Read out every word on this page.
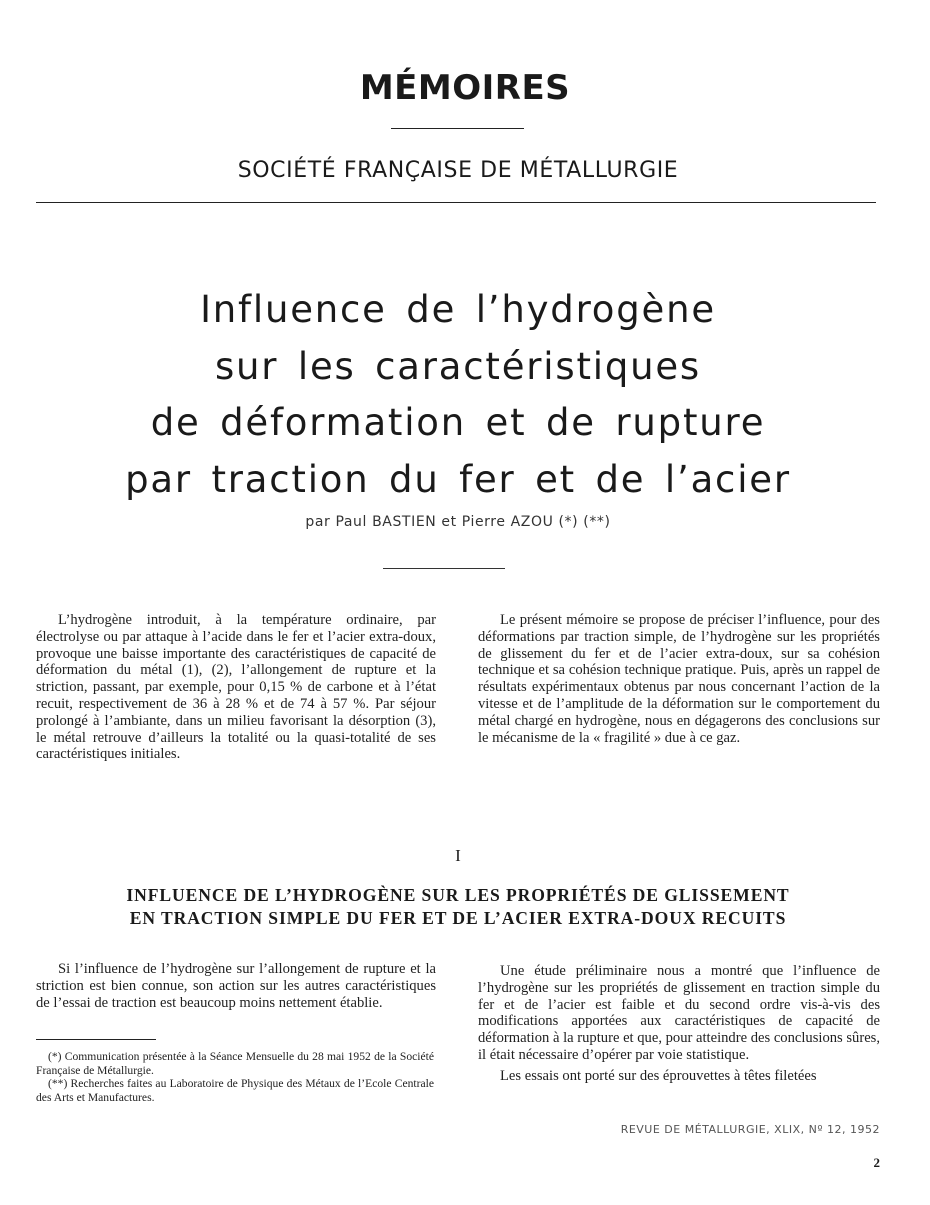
MÉMOIRES
SOCIÉTÉ FRANÇAISE DE MÉTALLURGIE
Influence de l’hydrogène
sur les caractéristiques
de déformation et de rupture
par traction du fer et de l’acier
par Paul BASTIEN et Pierre AZOU (*) (**)

L’hydrogène introduit, à la température ordinaire, par électrolyse ou par attaque à l’acide dans le fer et l’acier extra-doux, provoque une baisse importante des caractéristiques de capacité de déformation du métal (1), (2), l’allongement de rupture et la striction, passant, par exemple, pour 0,15 % de carbone et à l’état recuit, respectivement de 36 à 28 % et de 74 à 57 %. Par séjour prolongé à l’ambiante, dans un milieu favorisant la désorption (3), le métal retrouve d’ailleurs la totalité ou la quasi-totalité de ses caractéristiques initiales.

Le présent mémoire se propose de préciser l’influence, pour des déformations par traction simple, de l’hydrogène sur les propriétés de glissement du fer et de l’acier extra-doux, sur sa cohésion technique et sa cohésion technique pratique. Puis, après un rappel de résultats expérimentaux obtenus par nous concernant l’action de la vitesse et de l’amplitude de la déformation sur le comportement du métal chargé en hydrogène, nous en dégagerons des conclusions sur le mécanisme de la « fragilité » due à ce gaz.

I
INFLUENCE DE L’HYDROGÈNE SUR LES PROPRIÉTÉS DE GLISSEMENT
EN TRACTION SIMPLE DU FER ET DE L’ACIER EXTRA-DOUX RECUITS

Si l’influence de l’hydrogène sur l’allongement de rupture et la striction est bien connue, son action sur les autres caractéristiques de l’essai de traction est beaucoup moins nettement établie.

Une étude préliminaire nous a montré que l’influence de l’hydrogène sur les propriétés de glissement en traction simple du fer et de l’acier est faible et du second ordre vis-à-vis des modifications apportées aux caractéristiques de capacité de déformation à la rupture et que, pour atteindre des conclusions sûres, il était nécessaire d’opérer par voie statistique.

Les essais ont porté sur des éprouvettes à têtes filetées

(*) Communication présentée à la Séance Mensuelle du 28 mai 1952 de la Société Française de Métallurgie.

(**) Recherches faites au Laboratoire de Physique des Métaux de l’Ecole Centrale des Arts et Manufactures.

REVUE DE MÉTALLURGIE, XLIX, Nº 12, 1952
2
